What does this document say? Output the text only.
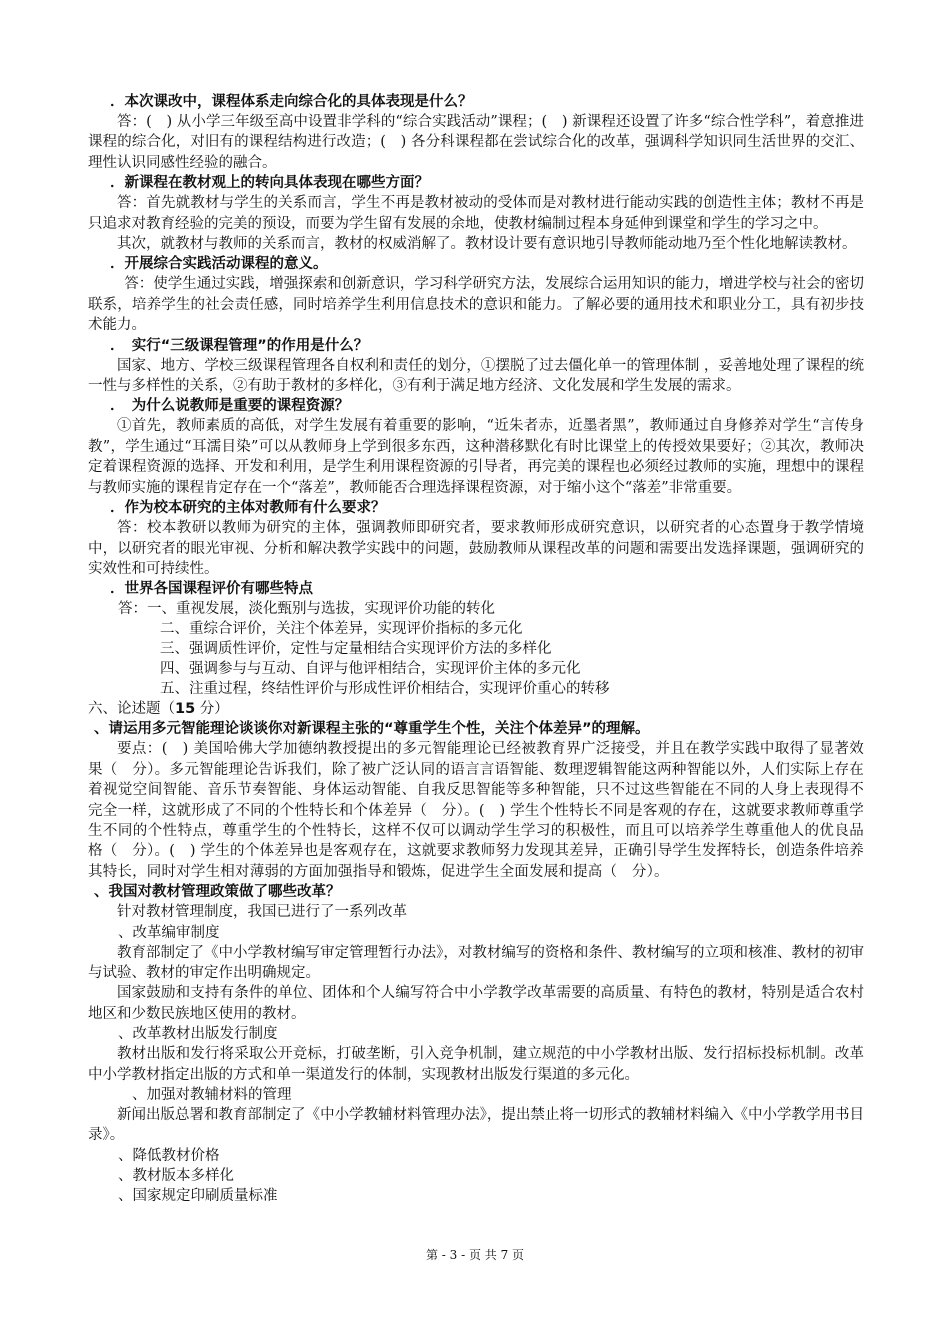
．本次课改中，课程体系走向综合化的具体表现是什么？

答：(　) 从小学三年级至高中设置非学科的“综合实践活动”课程；(　) 新课程还设置了许多“综合性学科”，着意推进课程的综合化，对旧有的课程结构进行改造；(　) 各分科课程都在尝试综合化的改革，强调科学知识同生活世界的交汇、理性认识同感性经验的融合。

．新课程在教材观上的转向具体表现在哪些方面？

答：首先就教材与学生的关系而言，学生不再是教材被动的受体而是对教材进行能动实践的创造性主体；教材不再是只追求对教育经验的完美的预设，而要为学生留有发展的余地，使教材编制过程本身延伸到课堂和学生的学习之中。

其次，就教材与教师的关系而言，教材的权威消解了。教材设计要有意识地引导教师能动地乃至个性化地解读教材。

．开展综合实践活动课程的意义。

答：使学生通过实践，增强探索和创新意识，学习科学研究方法，发展综合运用知识的能力，增进学校与社会的密切联系，培养学生的社会责任感，同时培养学生利用信息技术的意识和能力。了解必要的通用技术和职业分工，具有初步技术能力。

．　实行“三级课程管理”的作用是什么？

国家、地方、学校三级课程管理各自权利和责任的划分，①摆脱了过去僵化单一的管理体制 ，妥善地处理了课程的统一性与多样性的关系，②有助于教材的多样化，③有利于满足地方经济、文化发展和学生发展的需求。

．　为什么说教师是重要的课程资源？

①首先，教师素质的高低，对学生发展有着重要的影响，“近朱者赤，近墨者黑”，教师通过自身修养对学生“言传身教”，学生通过“耳濡目染”可以从教师身上学到很多东西，这种潜移默化有时比课堂上的传授效果要好；②其次，教师决定着课程资源的选择、开发和利用，是学生利用课程资源的引导者，再完美的课程也必须经过教师的实施，理想中的课程与教师实施的课程肯定存在一个“落差”，教师能否合理选择课程资源，对于缩小这个“落差”非常重要。

．作为校本研究的主体对教师有什么要求？

答：校本教研以教师为研究的主体，强调教师即研究者，要求教师形成研究意识，以研究者的心态置身于教学情境中，以研究者的眼光审视、分析和解决教学实践中的问题，鼓励教师从课程改革的问题和需要出发选择课题，强调研究的实效性和可持续性。

．世界各国课程评价有哪些特点
答：一、重视发展，淡化甄别与选拔，实现评价功能的转化
二、重综合评价，关注个体差异，实现评价指标的多元化
三、强调质性评价，定性与定量相结合实现评价方法的多样化
四、强调参与与互动、自评与他评相结合，实现评价主体的多元化
五、注重过程，终结性评价与形成性评价相结合，实现评价重心的转移
六、论述题（15 分）
、请运用多元智能理论谈谈你对新课程主张的“尊重学生个性，关注个体差异”的理解。

要点：(　) 美国哈佛大学加德纳教授提出的多元智能理论已经被教育界广泛接受，并且在教学实践中取得了显著效果（　分）。多元智能理论告诉我们，除了被广泛认同的语言言语智能、数理逻辑智能这两种智能以外，人们实际上存在着视觉空间智能、音乐节奏智能、身体运动智能、自我反思智能等多种智能，只不过这些智能在不同的人身上表现得不完全一样，这就形成了不同的个性特长和个体差异（　分）。(　) 学生个性特长不同是客观的存在，这就要求教师尊重学生不同的个性特点，尊重学生的个性特长，这样不仅可以调动学生学习的积极性，而且可以培养学生尊重他人的优良品格（　分）。(　) 学生的个体差异也是客观存在，这就要求教师努力发现其差异，正确引导学生发挥特长，创造条件培养其特长，同时对学生相对薄弱的方面加强指导和锻炼，促进学生全面发展和提高（　分）。

、我国对教材管理政策做了哪些改革？

针对教材管理制度，我国已进行了一系列改革

、改革编审制度

教育部制定了《中小学教材编写审定管理暂行办法》，对教材编写的资格和条件、教材编写的立项和核准、教材的初审与试验、教材的审定作出明确规定。

国家鼓励和支持有条件的单位、团体和个人编写符合中小学教学改革需要的高质量、有特色的教材，特别是适合农村地区和少数民族地区使用的教材。

、改革教材出版发行制度

教材出版和发行将采取公开竞标，打破垄断，引入竞争机制，建立规范的中小学教材出版、发行招标投标机制。改革中小学教材指定出版的方式和单一渠道发行的体制，实现教材出版发行渠道的多元化。

、加强对教辅材料的管理

新闻出版总署和教育部制定了《中小学教辅材料管理办法》，提出禁止将一切形式的教辅材料编入《中小学教学用书目录》。

、降低教材价格
、教材版本多样化
、国家规定印刷质量标准
第 - 3 - 页 共 7 页
